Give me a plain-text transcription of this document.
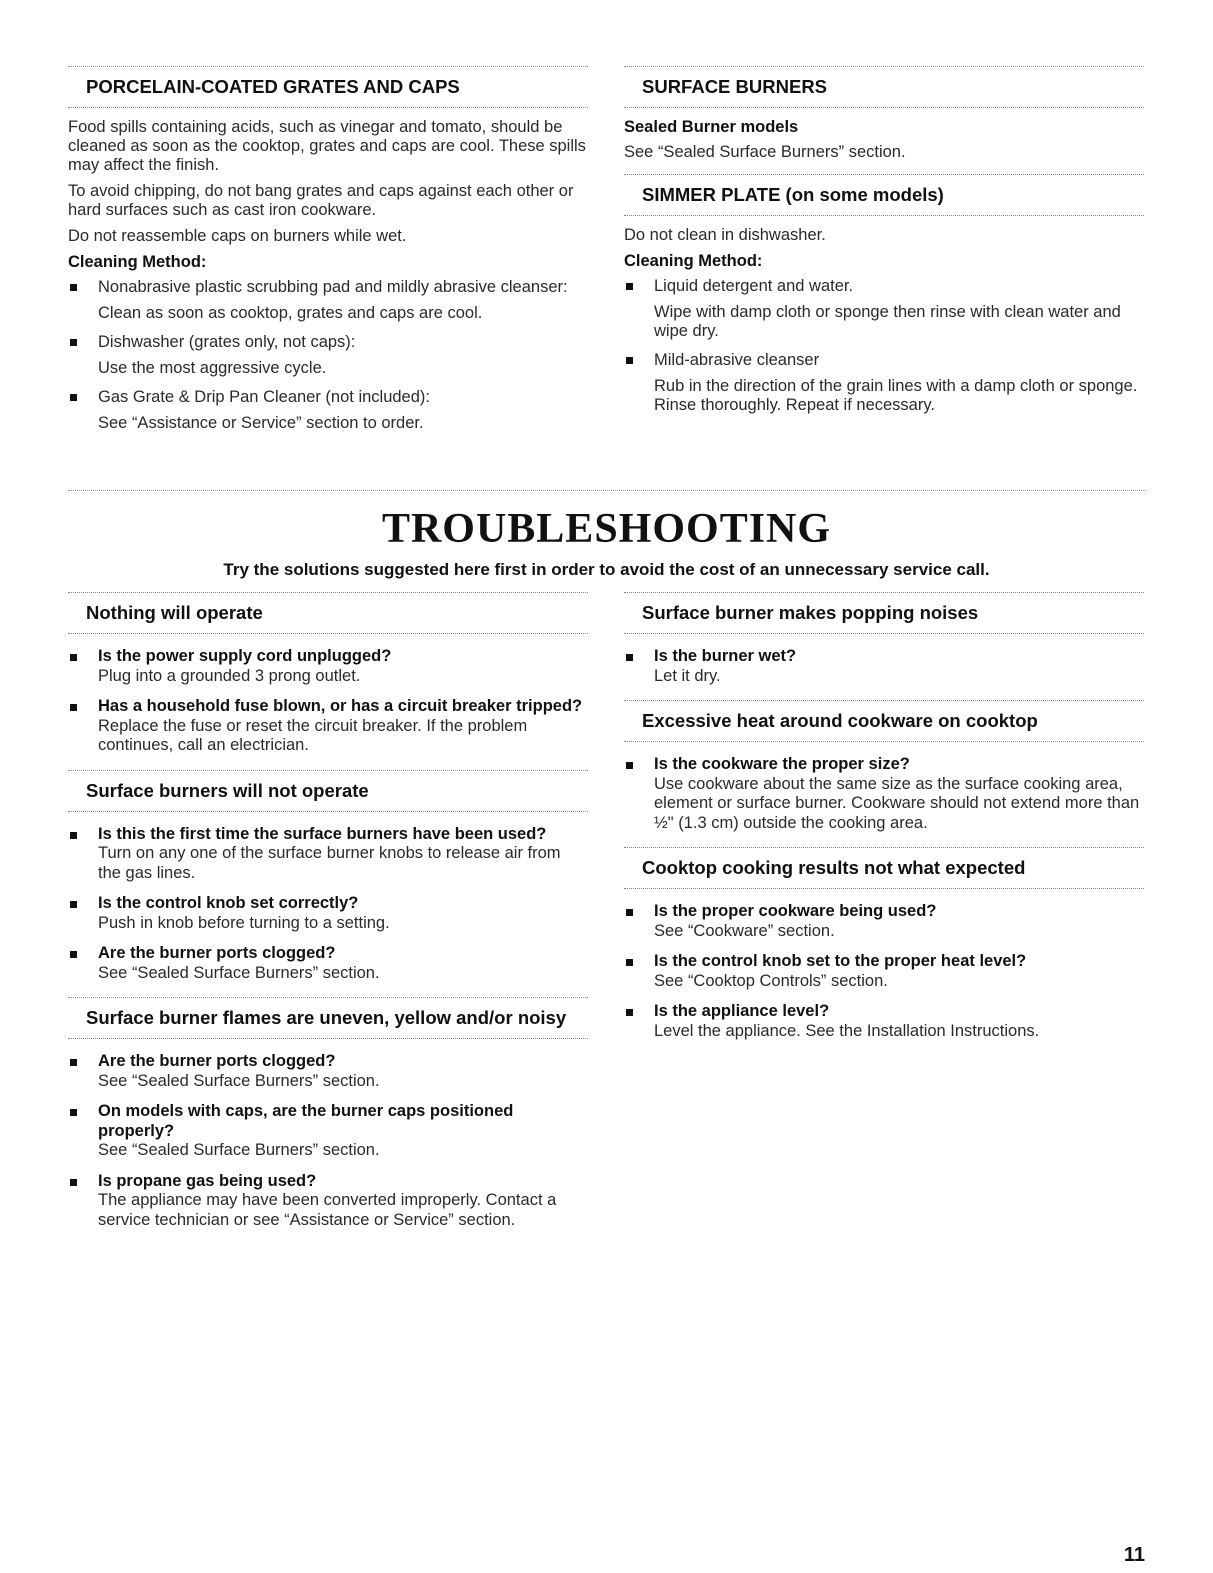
PORCELAIN-COATED GRATES AND CAPS

Food spills containing acids, such as vinegar and tomato, should be cleaned as soon as the cooktop, grates and caps are cool. These spills may affect the finish.

To avoid chipping, do not bang grates and caps against each other or hard surfaces such as cast iron cookware.

Do not reassemble caps on burners while wet.

Cleaning Method:
Nonabrasive plastic scrubbing pad and mildly abrasive cleanser:
Clean as soon as cooktop, grates and caps are cool.
Dishwasher (grates only, not caps):
Use the most aggressive cycle.
Gas Grate & Drip Pan Cleaner (not included):
See “Assistance or Service” section to order.
SURFACE BURNERS
Sealed Burner models

See “Sealed Surface Burners” section.

SIMMER PLATE (on some models)

Do not clean in dishwasher.

Cleaning Method:
Liquid detergent and water.
Wipe with damp cloth or sponge then rinse with clean water and wipe dry.
Mild-abrasive cleanser
Rub in the direction of the grain lines with a damp cloth or sponge. Rinse thoroughly. Repeat if necessary.
TROUBLESHOOTING
Try the solutions suggested here first in order to avoid the cost of an unnecessary service call.
Nothing will operate
Is the power supply cord unplugged?
Plug into a grounded 3 prong outlet.
Has a household fuse blown, or has a circuit breaker tripped?
Replace the fuse or reset the circuit breaker. If the problem continues, call an electrician.
Surface burners will not operate
Is this the first time the surface burners have been used?
Turn on any one of the surface burner knobs to release air from the gas lines.
Is the control knob set correctly?
Push in knob before turning to a setting.
Are the burner ports clogged?
See “Sealed Surface Burners” section.
Surface burner flames are uneven, yellow and/or noisy
Are the burner ports clogged?
See “Sealed Surface Burners” section.
On models with caps, are the burner caps positioned properly?
See “Sealed Surface Burners” section.
Is propane gas being used?
The appliance may have been converted improperly. Contact a service technician or see “Assistance or Service” section.
Surface burner makes popping noises
Is the burner wet?
Let it dry.
Excessive heat around cookware on cooktop
Is the cookware the proper size?
Use cookware about the same size as the surface cooking area, element or surface burner. Cookware should not extend more than ½" (1.3 cm) outside the cooking area.
Cooktop cooking results not what expected
Is the proper cookware being used?
See “Cookware” section.
Is the control knob set to the proper heat level?
See “Cooktop Controls” section.
Is the appliance level?
Level the appliance. See the Installation Instructions.
11
